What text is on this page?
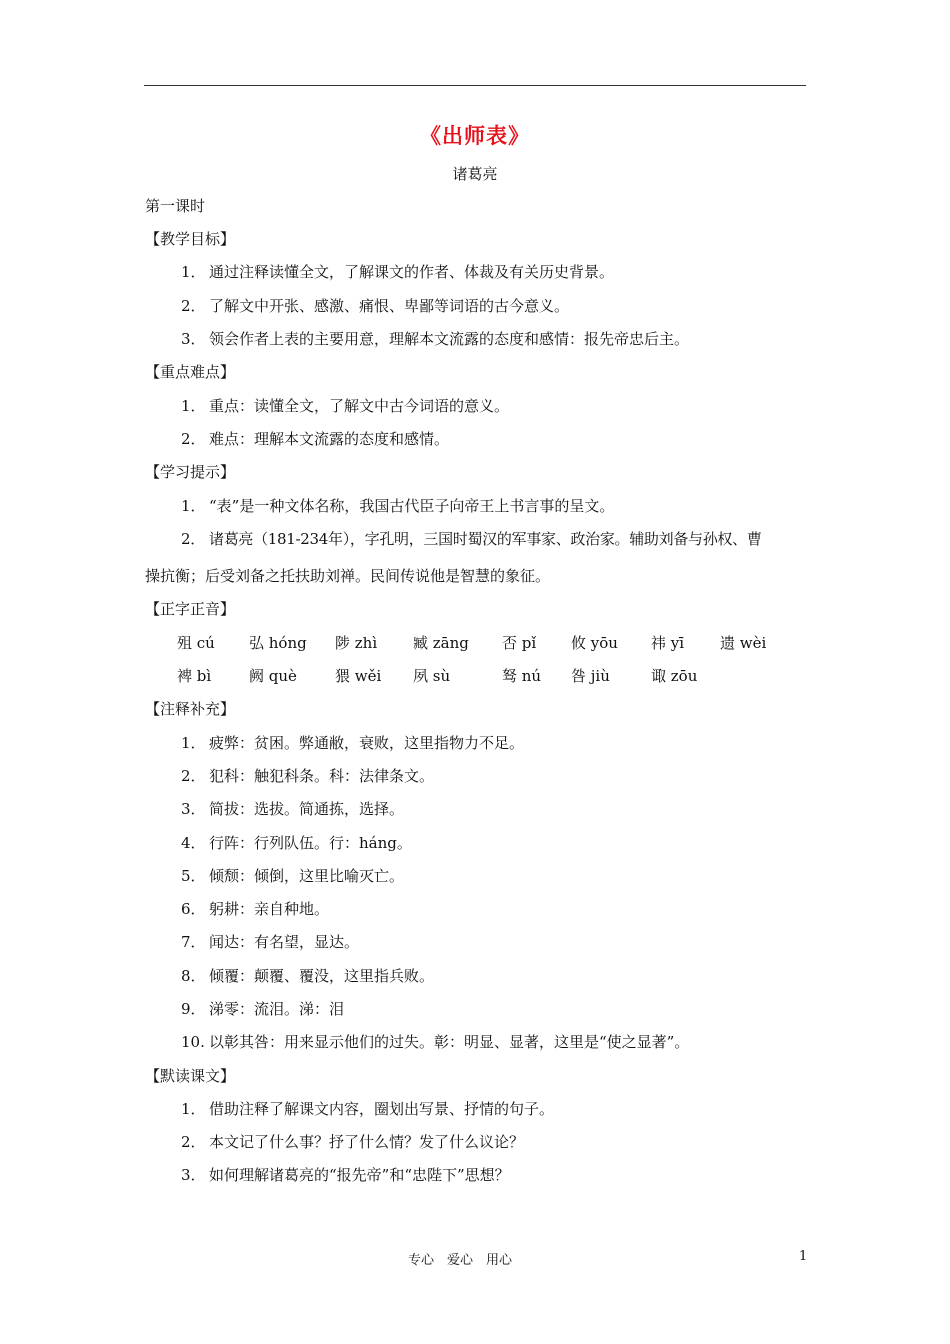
《出师表》
诸葛亮
第一课时
【教学目标】
1． 通过注释读懂全文，了解课文的作者、体裁及有关历史背景。
2． 了解文中开张、感激、痛恨、卑鄙等词语的古今意义。
3． 领会作者上表的主要用意，理解本文流露的态度和感情：报先帝忠后主。
【重点难点】
1． 重点：读懂全文，了解文中古今词语的意义。
2． 难点：理解本文流露的态度和感情。
【学习提示】
1． “表”是一种文体名称，我国古代臣子向帝王上书言事的呈文。
2． 诸葛亮（181-234年），字孔明，三国时蜀汉的军事家、政治家。辅助刘备与孙权、曹
操抗衡；后受刘备之托扶助刘禅。民间传说他是智慧的象征。
【正字正音】
殂 cú 弘 hóng 陟 zhì 臧 zāng 否 pǐ 攸 yōu 祎 yī 遗 wèi
裨 bì	阙 què	猥 wěi 夙 sù	驽 nú 咎 jiù	诹 zōu
【注释补充】
1． 疲弊：贫困。弊通敝，衰败，这里指物力不足。
2． 犯科：触犯科条。科：法律条文。
3． 简拔：选拔。简通拣，选择。
4． 行阵：行列队伍。行：háng。
5． 倾颓：倾倒，这里比喻灭亡。
6． 躬耕：亲自种地。
7． 闻达：有名望，显达。
8． 倾覆：颠覆、覆没，这里指兵败。
9． 涕零：流泪。涕：泪
10. 以彰其咎：用来显示他们的过失。彰：明显、显著，这里是“使之显著”。
【默读课文】
1． 借助注释了解课文内容，圈划出写景、抒情的句子。
2． 本文记了什么事？抒了什么情？发了什么议论？
3． 如何理解诸葛亮的“报先帝”和“忠陛下”思想？
专心　爱心　用心	1
